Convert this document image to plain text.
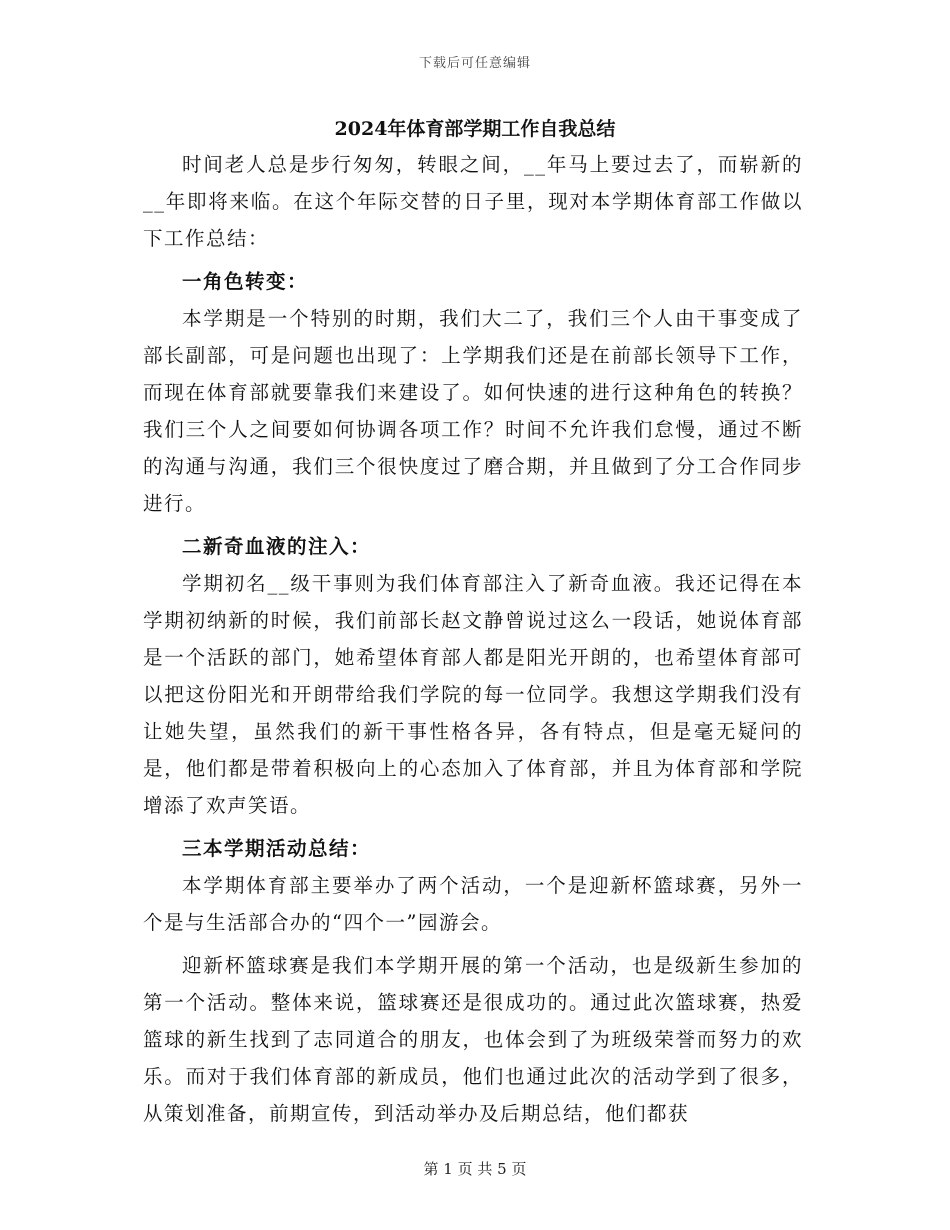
下载后可任意编辑
2024年体育部学期工作自我总结

时间老人总是步行匆匆，转眼之间，__年马上要过去了，而崭新的__年即将来临。在这个年际交替的日子里，现对本学期体育部工作做以下工作总结：

一角色转变：

本学期是一个特别的时期，我们大二了，我们三个人由干事变成了部长副部，可是问题也出现了：上学期我们还是在前部长领导下工作，而现在体育部就要靠我们来建设了。如何快速的进行这种角色的转换？我们三个人之间要如何协调各项工作？时间不允许我们怠慢，通过不断的沟通与沟通，我们三个很快度过了磨合期，并且做到了分工合作同步进行。

二新奇血液的注入：

学期初名__级干事则为我们体育部注入了新奇血液。我还记得在本学期初纳新的时候，我们前部长赵文静曾说过这么一段话，她说体育部是一个活跃的部门，她希望体育部人都是阳光开朗的，也希望体育部可以把这份阳光和开朗带给我们学院的每一位同学。我想这学期我们没有让她失望，虽然我们的新干事性格各异，各有特点，但是毫无疑问的是，他们都是带着积极向上的心态加入了体育部，并且为体育部和学院增添了欢声笑语。

三本学期活动总结：

本学期体育部主要举办了两个活动，一个是迎新杯篮球赛，另外一个是与生活部合办的“四个一”园游会。

迎新杯篮球赛是我们本学期开展的第一个活动，也是级新生参加的第一个活动。整体来说，篮球赛还是很成功的。通过此次篮球赛，热爱篮球的新生找到了志同道合的朋友，也体会到了为班级荣誉而努力的欢乐。而对于我们体育部的新成员，他们也通过此次的活动学到了很多，从策划准备，前期宣传，到活动举办及后期总结，他们都获

第 1 页 共 5 页
